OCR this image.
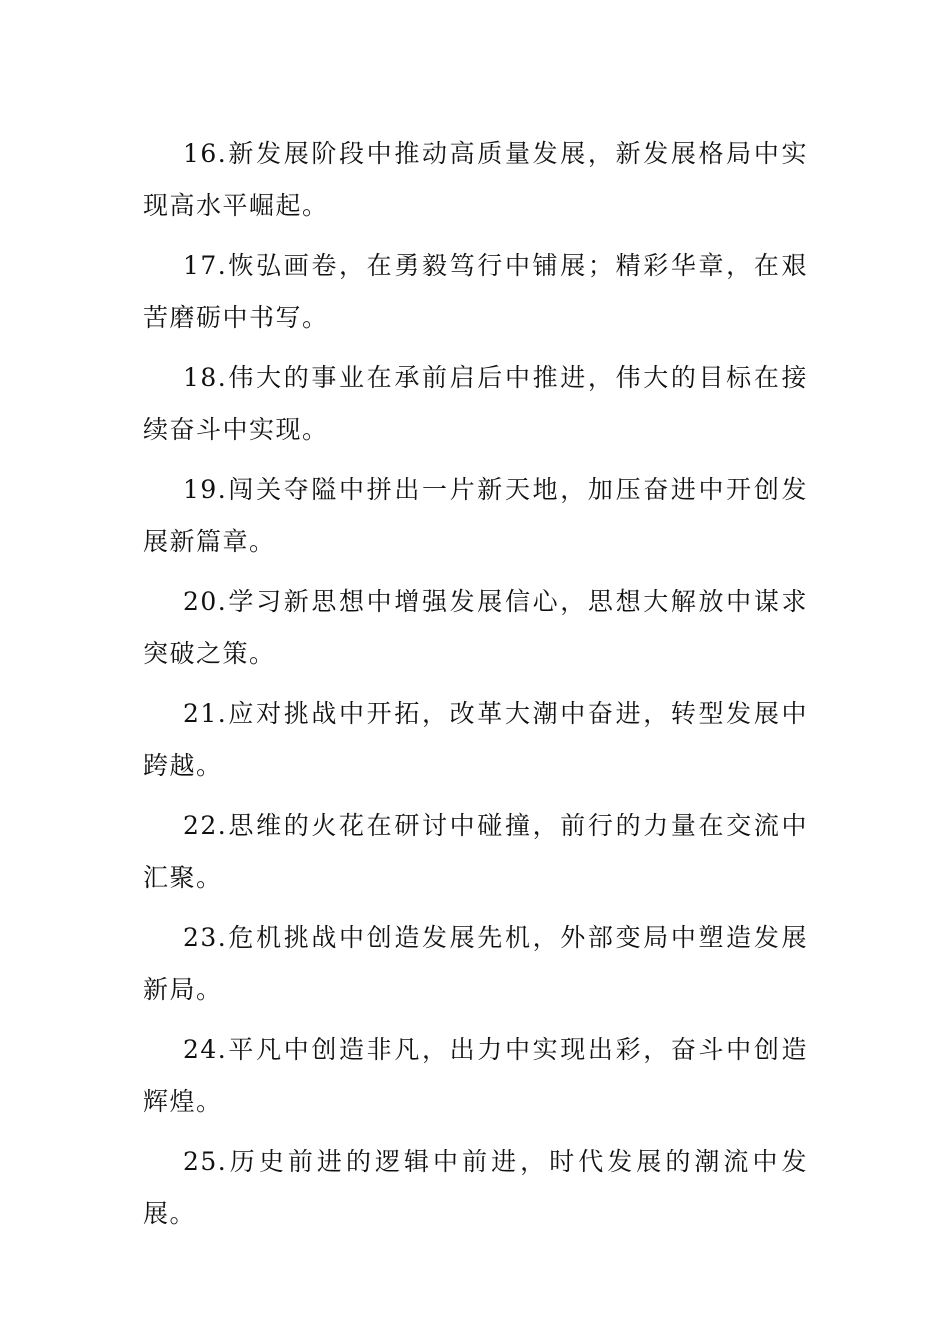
16.新发展阶段中推动高质量发展，新发展格局中实现高水平崛起。

17.恢弘画卷，在勇毅笃行中铺展；精彩华章，在艰苦磨砺中书写。

18.伟大的事业在承前启后中推进，伟大的目标在接续奋斗中实现。

19.闯关夺隘中拼出一片新天地，加压奋进中开创发展新篇章。

20.学习新思想中增强发展信心，思想大解放中谋求突破之策。

21.应对挑战中开拓，改革大潮中奋进，转型发展中跨越。

22.思维的火花在研讨中碰撞，前行的力量在交流中汇聚。

23.危机挑战中创造发展先机，外部变局中塑造发展新局。

24.平凡中创造非凡，出力中实现出彩，奋斗中创造辉煌。

25.历史前进的逻辑中前进，时代发展的潮流中发展。
